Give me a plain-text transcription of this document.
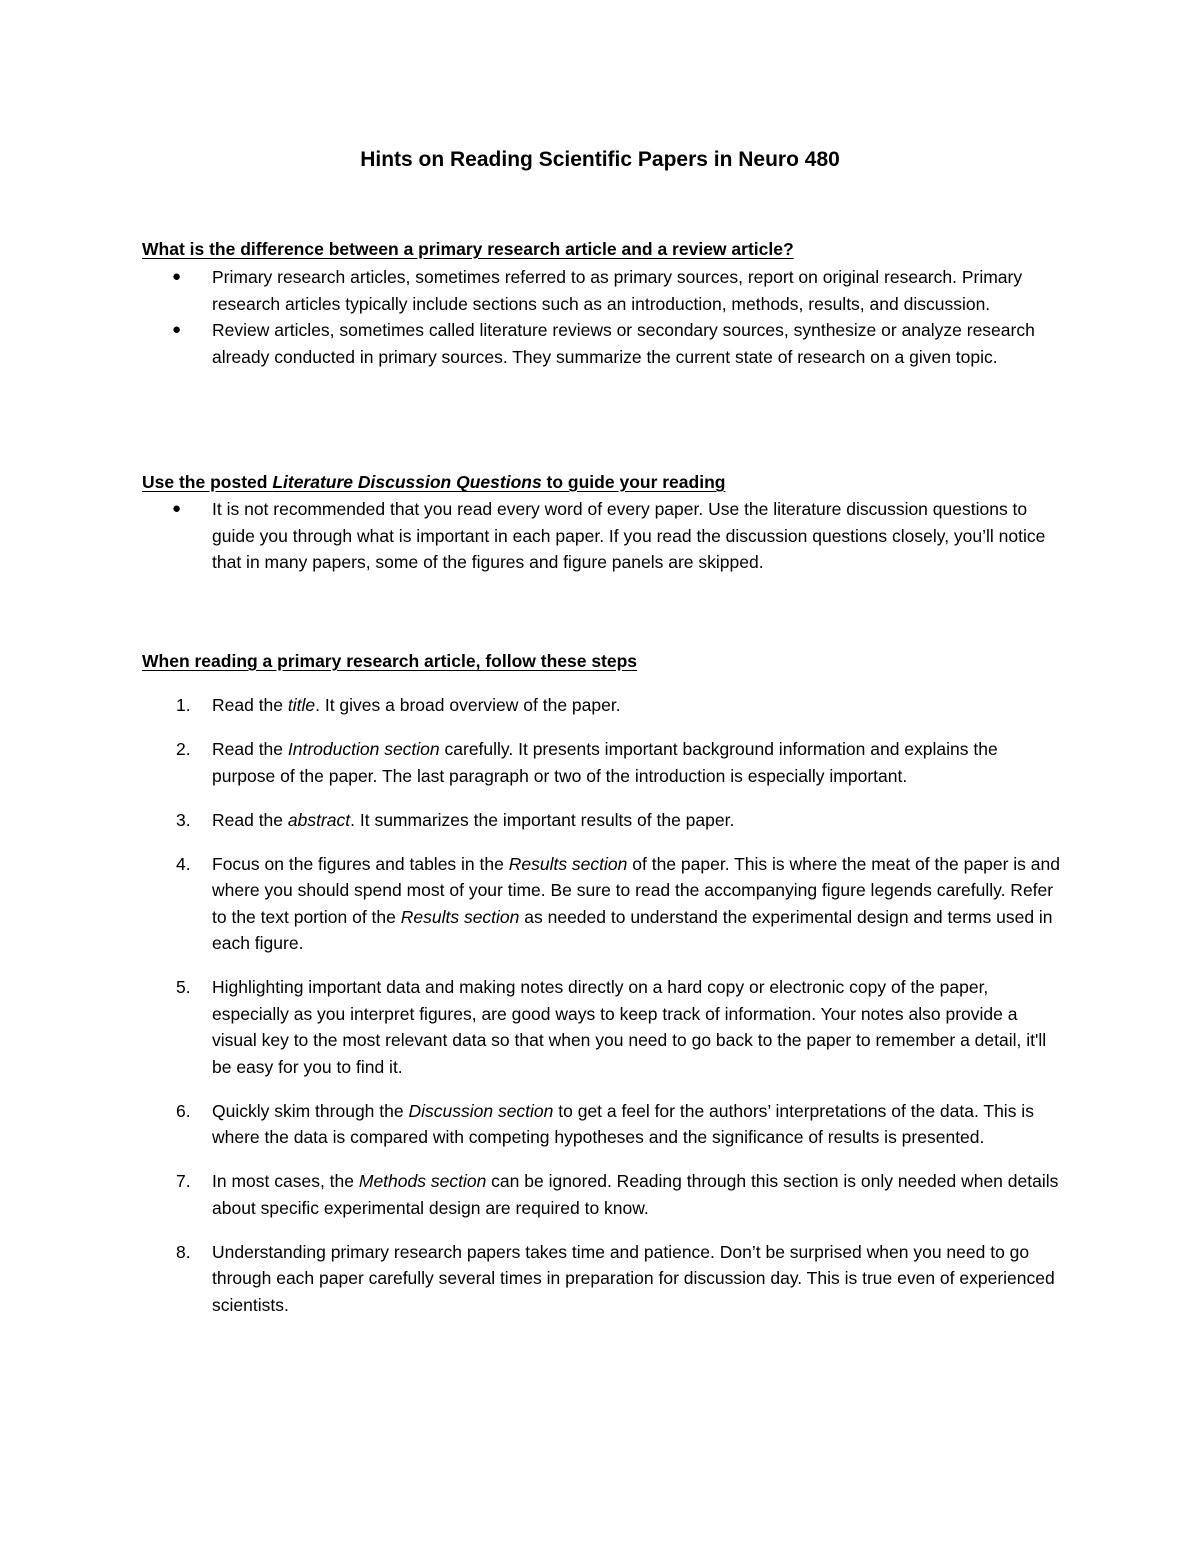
Hints on Reading Scientific Papers in Neuro 480
What is the difference between a primary research article and a review article?
● Primary research articles, sometimes referred to as primary sources, report on original research. Primary research articles typically include sections such as an introduction, methods, results, and discussion.
● Review articles, sometimes called literature reviews or secondary sources, synthesize or analyze research already conducted in primary sources. They summarize the current state of research on a given topic.
Use the posted Literature Discussion Questions to guide your reading
● It is not recommended that you read every word of every paper. Use the literature discussion questions to guide you through what is important in each paper. If you read the discussion questions closely, you’ll notice that in many papers, some of the figures and figure panels are skipped.
When reading a primary research article, follow these steps
1. Read the title. It gives a broad overview of the paper.
2. Read the Introduction section carefully. It presents important background information and explains the purpose of the paper. The last paragraph or two of the introduction is especially important.
3. Read the abstract. It summarizes the important results of the paper.
4. Focus on the figures and tables in the Results section of the paper. This is where the meat of the paper is and where you should spend most of your time. Be sure to read the accompanying figure legends carefully. Refer to the text portion of the Results section as needed to understand the experimental design and terms used in each figure.
5. Highlighting important data and making notes directly on a hard copy or electronic copy of the paper, especially as you interpret figures, are good ways to keep track of information. Your notes also provide a visual key to the most relevant data so that when you need to go back to the paper to remember a detail, it'll be easy for you to find it.
6. Quickly skim through the Discussion section to get a feel for the authors’ interpretations of the data. This is where the data is compared with competing hypotheses and the significance of results is presented.
7. In most cases, the Methods section can be ignored. Reading through this section is only needed when details about specific experimental design are required to know.
8. Understanding primary research papers takes time and patience. Don’t be surprised when you need to go through each paper carefully several times in preparation for discussion day. This is true even of experienced scientists.
